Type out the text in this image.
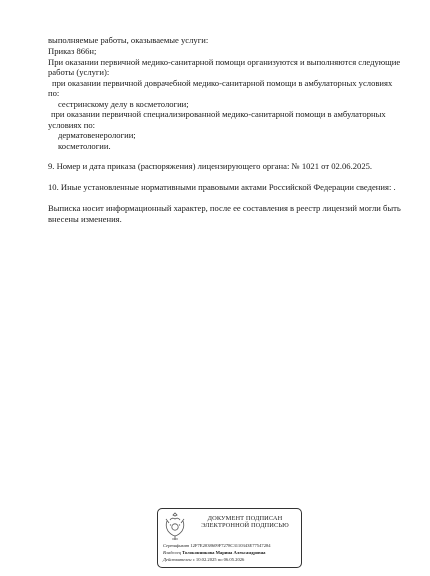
выполняемые работы, оказываемые услуги:
Приказ 866н;
При оказании первичной медико-санитарной помощи организуются и выполняются следующие
работы (услуги):
при оказании первичной доврачебной медико-санитарной помощи в амбулаторных условиях
по:
сестринскому делу в косметологии;
при оказании первичной специализированной медико-санитарной помощи в амбулаторных
условиях по:
дерматовенерологии;
косметологии.
9. Номер и дата приказа (распоряжения) лицензирующего органа: № 1021 от 02.06.2025.
10. Иные установленные нормативными правовыми актами Российской Федерации сведения: .
Выписка носит информационный характер, после ее составления в реестр лицензий могли быть
внесены изменения.
ДОКУМЕНТ ПОДПИСАН
ЭЛЕКТРОННОЙ ПОДПИСЬЮ
Сертификат 12F7E2038609F7278C3110343E77547284
Владелец Толоконникова Марина Александровна
Действителен с 10.02.2025 по 06.05.2026
